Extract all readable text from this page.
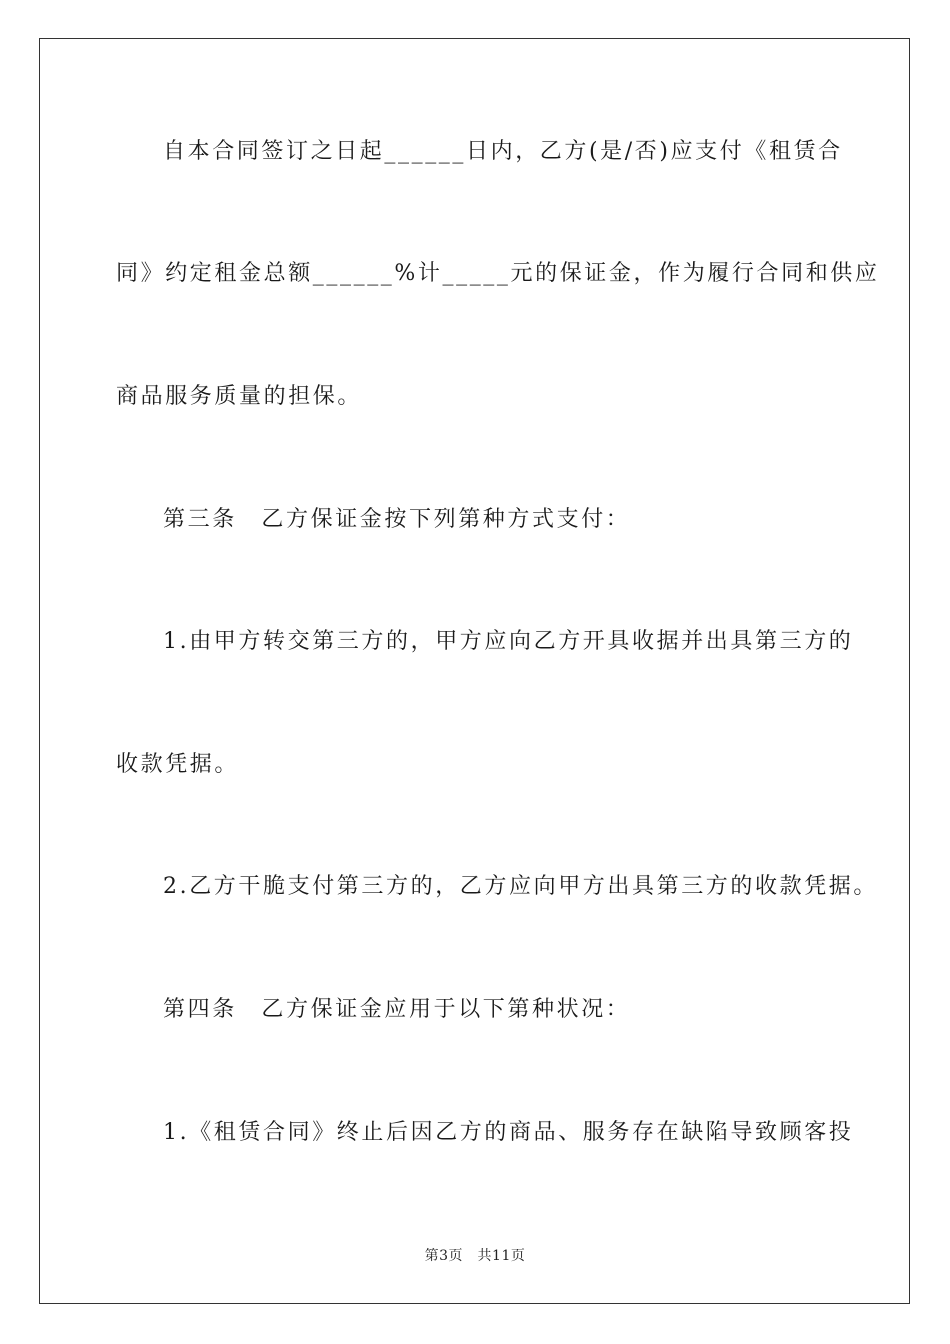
自本合同签订之日起______日内，乙方(是/否)应支付《租赁合
同》约定租金总额______%计_____元的保证金，作为履行合同和供应
商品服务质量的担保。
第三条　乙方保证金按下列第种方式支付：
1.由甲方转交第三方的，甲方应向乙方开具收据并出具第三方的
收款凭据。
2.乙方干脆支付第三方的，乙方应向甲方出具第三方的收款凭据。
第四条　乙方保证金应用于以下第种状况：
1.《租赁合同》终止后因乙方的商品、服务存在缺陷导致顾客投
第3页　共11页
